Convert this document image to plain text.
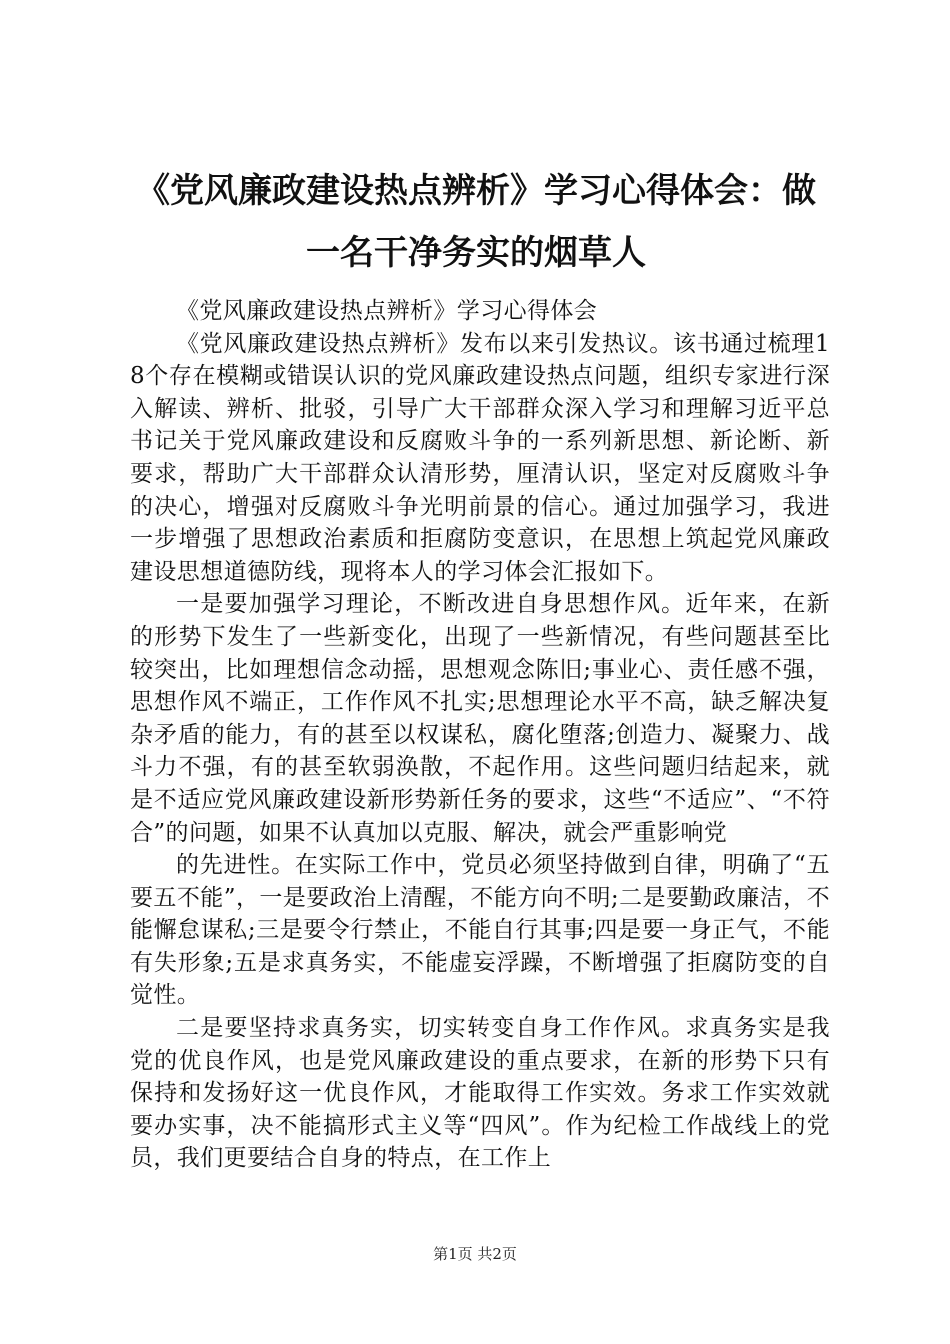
《党风廉政建设热点辨析》学习心得体会：做一名干净务实的烟草人

《党风廉政建设热点辨析》学习心得体会

《党风廉政建设热点辨析》发布以来引发热议。该书通过梳理18个存在模糊或错误认识的党风廉政建设热点问题，组织专家进行深入解读、辨析、批驳，引导广大干部群众深入学习和理解习近平总书记关于党风廉政建设和反腐败斗争的一系列新思想、新论断、新要求，帮助广大干部群众认清形势，厘清认识，坚定对反腐败斗争的决心，增强对反腐败斗争光明前景的信心。通过加强学习，我进一步增强了思想政治素质和拒腐防变意识，在思想上筑起党风廉政建设思想道德防线，现将本人的学习体会汇报如下。

一是要加强学习理论，不断改进自身思想作风。近年来，在新的形势下发生了一些新变化，出现了一些新情况，有些问题甚至比较突出，比如理想信念动摇，思想观念陈旧;事业心、责任感不强，思想作风不端正，工作作风不扎实;思想理论水平不高，缺乏解决复杂矛盾的能力，有的甚至以权谋私，腐化堕落;创造力、凝聚力、战斗力不强，有的甚至软弱涣散，不起作用。这些问题归结起来，就是不适应党风廉政建设新形势新任务的要求，这些“不适应”、“不符合”的问题，如果不认真加以克服、解决，就会严重影响党

的先进性。在实际工作中，党员必须坚持做到自律，明确了“五要五不能”，一是要政治上清醒，不能方向不明;二是要勤政廉洁，不能懈怠谋私;三是要令行禁止，不能自行其事;四是要一身正气，不能有失形象;五是求真务实，不能虚妄浮躁，不断增强了拒腐防变的自觉性。

二是要坚持求真务实，切实转变自身工作作风。求真务实是我党的优良作风，也是党风廉政建设的重点要求，在新的形势下只有保持和发扬好这一优良作风，才能取得工作实效。务求工作实效就要办实事，决不能搞形式主义等“四风”。作为纪检工作战线上的党员，我们更要结合自身的特点，在工作上

第1页 共2页
